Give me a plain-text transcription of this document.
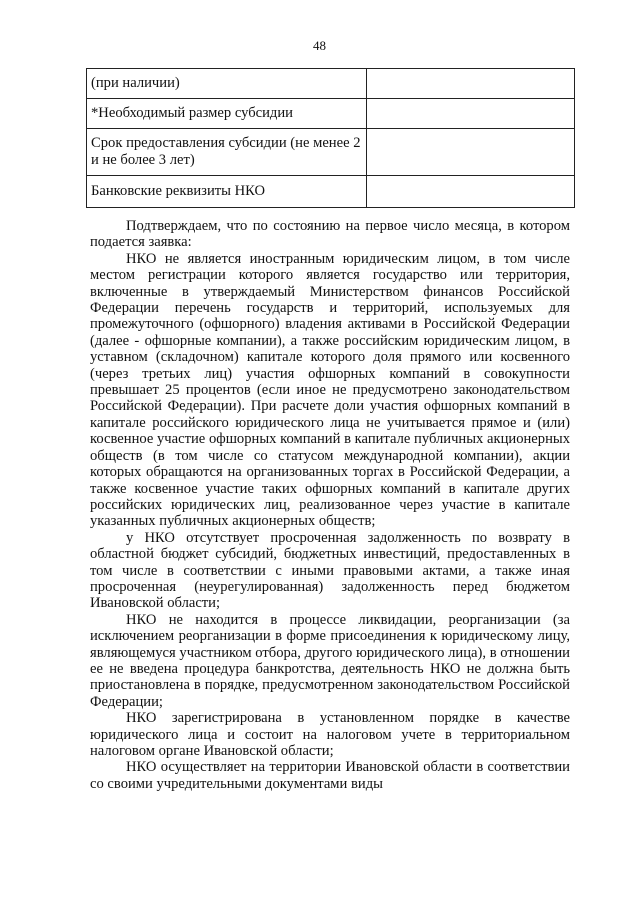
48
(при наличии)	
*Необходимый размер субсидии	
Срок предоставления субсидии (не менее 2 и не более 3 лет)	
Банковские реквизиты НКО	

Подтверждаем, что по состоянию на первое число месяца, в котором подается заявка:

НКО не является иностранным юридическим лицом, в том числе местом регистрации которого является государство или территория, включенные в утверждаемый Министерством финансов Российской Федерации перечень государств и территорий, используемых для промежуточного (офшорного) владения активами в Российской Федерации (далее - офшорные компании), а также российским юридическим лицом, в уставном (складочном) капитале которого доля прямого или косвенного (через третьих лиц) участия офшорных компаний в совокупности превышает 25 процентов (если иное не предусмотрено законодательством Российской Федерации). При расчете доли участия офшорных компаний в капитале российского юридического лица не учитывается прямое и (или) косвенное участие офшорных компаний в капитале публичных акционерных обществ (в том числе со статусом международной компании), акции которых обращаются на организованных торгах в Российской Федерации, а также косвенное участие таких офшорных компаний в капитале других российских юридических лиц, реализованное через участие в капитале указанных публичных акционерных обществ;

у НКО отсутствует просроченная задолженность по возврату в областной бюджет субсидий, бюджетных инвестиций, предоставленных в том числе в соответствии с иными правовыми актами, а также иная просроченная (неурегулированная) задолженность перед бюджетом Ивановской области;

НКО не находится в процессе ликвидации, реорганизации (за исключением реорганизации в форме присоединения к юридическому лицу, являющемуся участником отбора, другого юридического лица), в отношении ее не введена процедура банкротства, деятельность НКО не должна быть приостановлена в порядке, предусмотренном законодательством Российской Федерации;

НКО зарегистрирована в установленном порядке в качестве юридического лица и состоит на налоговом учете в территориальном налоговом органе Ивановской области;

НКО осуществляет на территории Ивановской области в соответствии со своими учредительными документами виды
